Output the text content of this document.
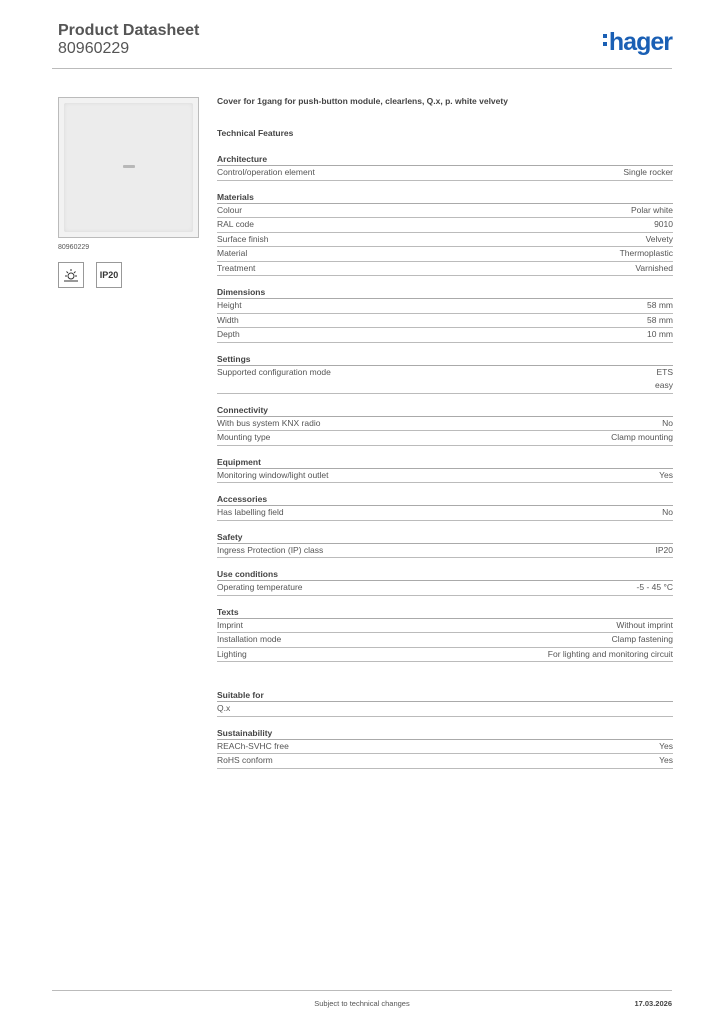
Product Datasheet
80960229	hager
80960229
IP20
Cover for 1gang for push-button module, clearlens, Q.x, p. white velvety
Technical Features
Architecture
Control/operation element	Single rocker
Materials
Colour	Polar white
RAL code	9010
Surface finish	Velvety
Material	Thermoplastic
Treatment	Varnished
Dimensions
Height	58 mm
Width	58 mm
Depth	10 mm
Settings
Supported configuration mode	ETS
easy
Connectivity
With bus system KNX radio	No
Mounting type	Clamp mounting
Equipment
Monitoring window/light outlet	Yes
Accessories
Has labelling field	No
Safety
Ingress Protection (IP) class	IP20
Use conditions
Operating temperature	-5 - 45 °C
Texts
Imprint	Without imprint
Installation mode	Clamp fastening
Lighting	For lighting and monitoring circuit
Suitable for
Q.x
Sustainability
REACh-SVHC free	Yes
RoHS conform	Yes
Subject to technical changes	17.03.2026
